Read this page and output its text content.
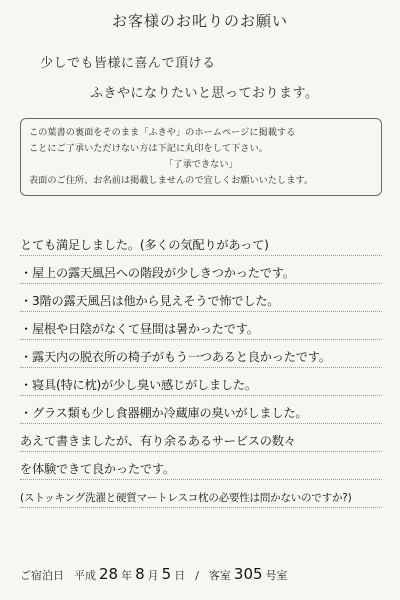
お客様のお叱りのお願い
少しでも皆様に喜んで頂ける
ふきやになりたいと思っております。
この葉書の裏面をそのまま「ふきや」のホームページに掲載する
ことにご了承いただけない方は下記に丸印をして下さい。
「了承できない」
表面のご住所、お名前は掲載しませんので宜しくお願いいたします。
とても満足しました。(多くの気配りがあって)
・屋上の露天風呂への階段が少しきつかったです。
・3階の露天風呂は他から見えそうで怖でした。
・屋根や日陰がなくて昼間は暑かったです。
・露天内の脱衣所の椅子がもう一つあると良かったです。
・寝具(特に枕)が少し臭い感じがしました。
・グラス類も少し食器棚か冷蔵庫の臭いがしました。
あえて書きましたが、有り余るあるサービスの数々
を体験できて良かったです。
(ストッキング洗濯と硬質マートレスコ枕の必要性は問かないのですか?)
ご宿泊日 平成 28 年 8 月 5 日 / 客室 305 号室
